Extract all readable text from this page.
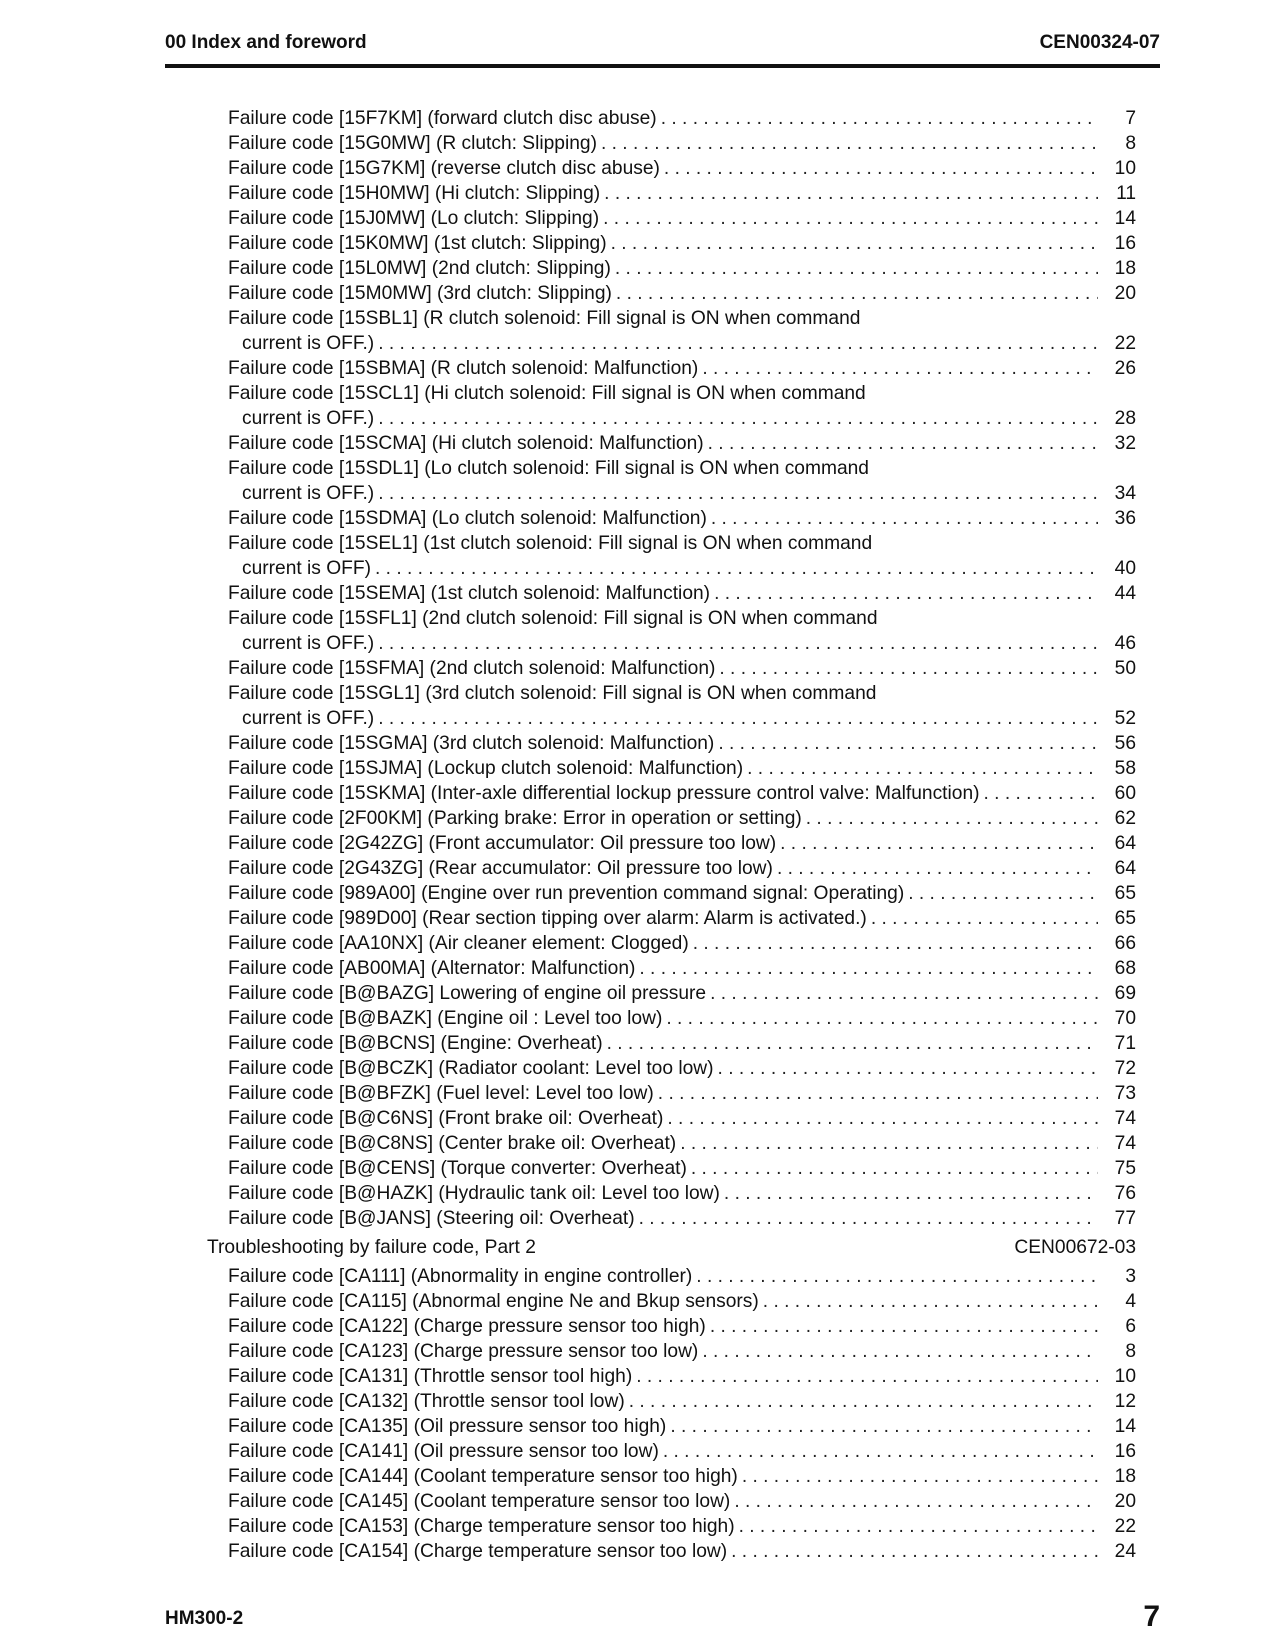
00 Index and foreword	CEN00324-07
Failure code [15F7KM] (forward clutch disc abuse) . . .	7
Failure code [15G0MW] (R clutch: Slipping) . . .	8
Failure code [15G7KM] (reverse clutch disc abuse) . . .	10
Failure code [15H0MW] (Hi clutch: Slipping) . . .	11
Failure code [15J0MW] (Lo clutch: Slipping) . . .	14
Failure code [15K0MW] (1st clutch: Slipping) . . .	16
Failure code [15L0MW] (2nd clutch: Slipping) . . .	18
Failure code [15M0MW] (3rd clutch: Slipping) . . .	20
Failure code [15SBL1] (R clutch solenoid: Fill signal is ON when command
current is OFF.) . . .	22
Failure code [15SBMA] (R clutch solenoid: Malfunction) . . .	26
Failure code [15SCL1] (Hi clutch solenoid: Fill signal is ON when command
current is OFF.) . . .	28
Failure code [15SCMA] (Hi clutch solenoid: Malfunction) . . .	32
Failure code [15SDL1] (Lo clutch solenoid: Fill signal is ON when command
current is OFF.) . . .	34
Failure code [15SDMA] (Lo clutch solenoid: Malfunction) . . .	36
Failure code [15SEL1] (1st clutch solenoid: Fill signal is ON when command
current is OFF) . . .	40
Failure code [15SEMA] (1st clutch solenoid: Malfunction) . . .	44
Failure code [15SFL1] (2nd clutch solenoid: Fill signal is ON when command
current is OFF.) . . .	46
Failure code [15SFMA] (2nd clutch solenoid: Malfunction) . . .	50
Failure code [15SGL1] (3rd clutch solenoid: Fill signal is ON when command
current is OFF.) . . .	52
Failure code [15SGMA] (3rd clutch solenoid: Malfunction) . . .	56
Failure code [15SJMA] (Lockup clutch solenoid: Malfunction) . . .	58
Failure code [15SKMA] (Inter-axle differential lockup pressure control valve: Malfunction) . . .	60
Failure code [2F00KM] (Parking brake: Error in operation or setting) . . .	62
Failure code [2G42ZG] (Front accumulator: Oil pressure too low) . . .	64
Failure code [2G43ZG] (Rear accumulator: Oil pressure too low) . . .	64
Failure code [989A00] (Engine over run prevention command signal: Operating) . . .	65
Failure code [989D00] (Rear section tipping over alarm: Alarm is activated.) . . .	65
Failure code [AA10NX] (Air cleaner element: Clogged) . . .	66
Failure code [AB00MA] (Alternator: Malfunction) . . .	68
Failure code [B@BAZG] Lowering of engine oil pressure . . .	69
Failure code [B@BAZK] (Engine oil : Level too low) . . .	70
Failure code [B@BCNS] (Engine: Overheat) . . .	71
Failure code [B@BCZK] (Radiator coolant: Level too low) . . .	72
Failure code [B@BFZK] (Fuel level: Level too low) . . .	73
Failure code [B@C6NS] (Front brake oil: Overheat) . . .	74
Failure code [B@C8NS] (Center brake oil: Overheat) . . .	74
Failure code [B@CENS] (Torque converter: Overheat) . . .	75
Failure code [B@HAZK] (Hydraulic tank oil: Level too low) . . .	76
Failure code [B@JANS] (Steering oil: Overheat) . . .	77
Troubleshooting by failure code, Part 2	CEN00672-03
Failure code [CA111] (Abnormality in engine controller) . . .	3
Failure code [CA115] (Abnormal engine Ne and Bkup sensors) . . .	4
Failure code [CA122] (Charge pressure sensor too high) . . .	6
Failure code [CA123] (Charge pressure sensor too low) . . .	8
Failure code [CA131] (Throttle sensor tool high) . . .	10
Failure code [CA132] (Throttle sensor tool low) . . .	12
Failure code [CA135] (Oil pressure sensor too high) . . .	14
Failure code [CA141] (Oil pressure sensor too low) . . .	16
Failure code [CA144] (Coolant temperature sensor too high) . . .	18
Failure code [CA145] (Coolant temperature sensor too low) . . .	20
Failure code [CA153] (Charge temperature sensor too high) . . .	22
Failure code [CA154] (Charge temperature sensor too low) . . .	24
HM300-2	7
